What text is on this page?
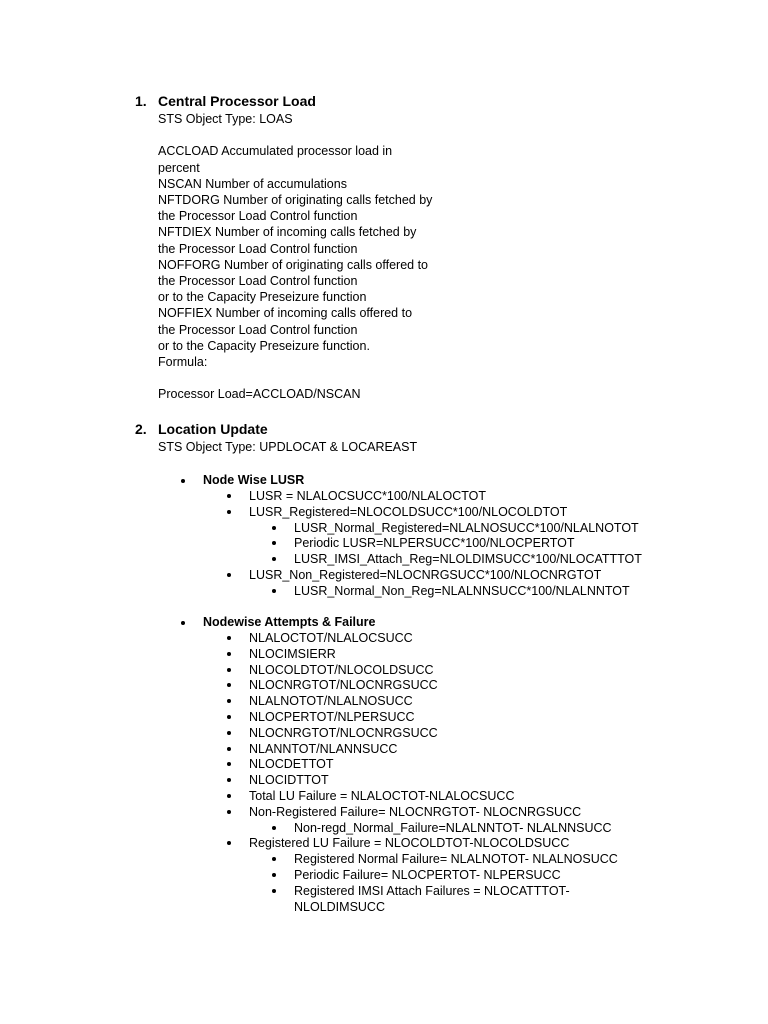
1. Central Processor Load
STS Object Type: LOAS
ACCLOAD Accumulated processor load in
percent
NSCAN Number of accumulations
NFTDORG Number of originating calls fetched by
the Processor Load Control function
NFTDIEX Number of incoming calls fetched by
the Processor Load Control function
NOFFORG Number of originating calls offered to
the Processor Load Control function
or to the Capacity Preseizure function
NOFFIEX Number of incoming calls offered to
the Processor Load Control function
or to the Capacity Preseizure function.
Formula:
Processor Load=ACCLOAD/NSCAN
2. Location Update
STS Object Type: UPDLOCAT & LOCAREAST
Node Wise LUSR
LUSR = NLALOCSUCC*100/NLALOCTOT
LUSR_Registered=NLOCOLDSUCC*100/NLOCOLDTOT
LUSR_Normal_Registered=NLALNOSUCC*100/NLALNOTOT
Periodic LUSR=NLPERSUCC*100/NLOCPERTOT
LUSR_IMSI_Attach_Reg=NLOLDIMSUCC*100/NLOCATTTOT
LUSR_Non_Registered=NLOCNRGSUCC*100/NLOCNRGTOT
LUSR_Normal_Non_Reg=NLALNNSUCC*100/NLALNNTOT
Nodewise Attempts & Failure
NLALOCTOT/NLALOCSUCC
NLOCIMSIERR
NLOCOLDTOT/NLOCOLDSUCC
NLOCNRGTOT/NLOCNRGSUCC
NLALNOTOT/NLALNOSUCC
NLOCPERTOT/NLPERSUCC
NLOCNRGTOT/NLOCNRGSUCC
NLANNTOT/NLANNSUCC
NLOCDETTOT
NLOCIDTTOT
Total LU Failure = NLALOCTOT-NLALOCSUCC
Non-Registered Failure= NLOCNRGTOT- NLOCNRGSUCC
Non-regd_Normal_Failure=NLALNNTOT- NLALNNSUCC
Registered LU Failure = NLOCOLDTOT-NLOCOLDSUCC
Registered Normal Failure= NLALNOTOT- NLALNOSUCC
Periodic Failure= NLOCPERTOT- NLPERSUCC
Registered IMSI Attach Failures = NLOCATTTOT-
NLOLDIMSUCC
